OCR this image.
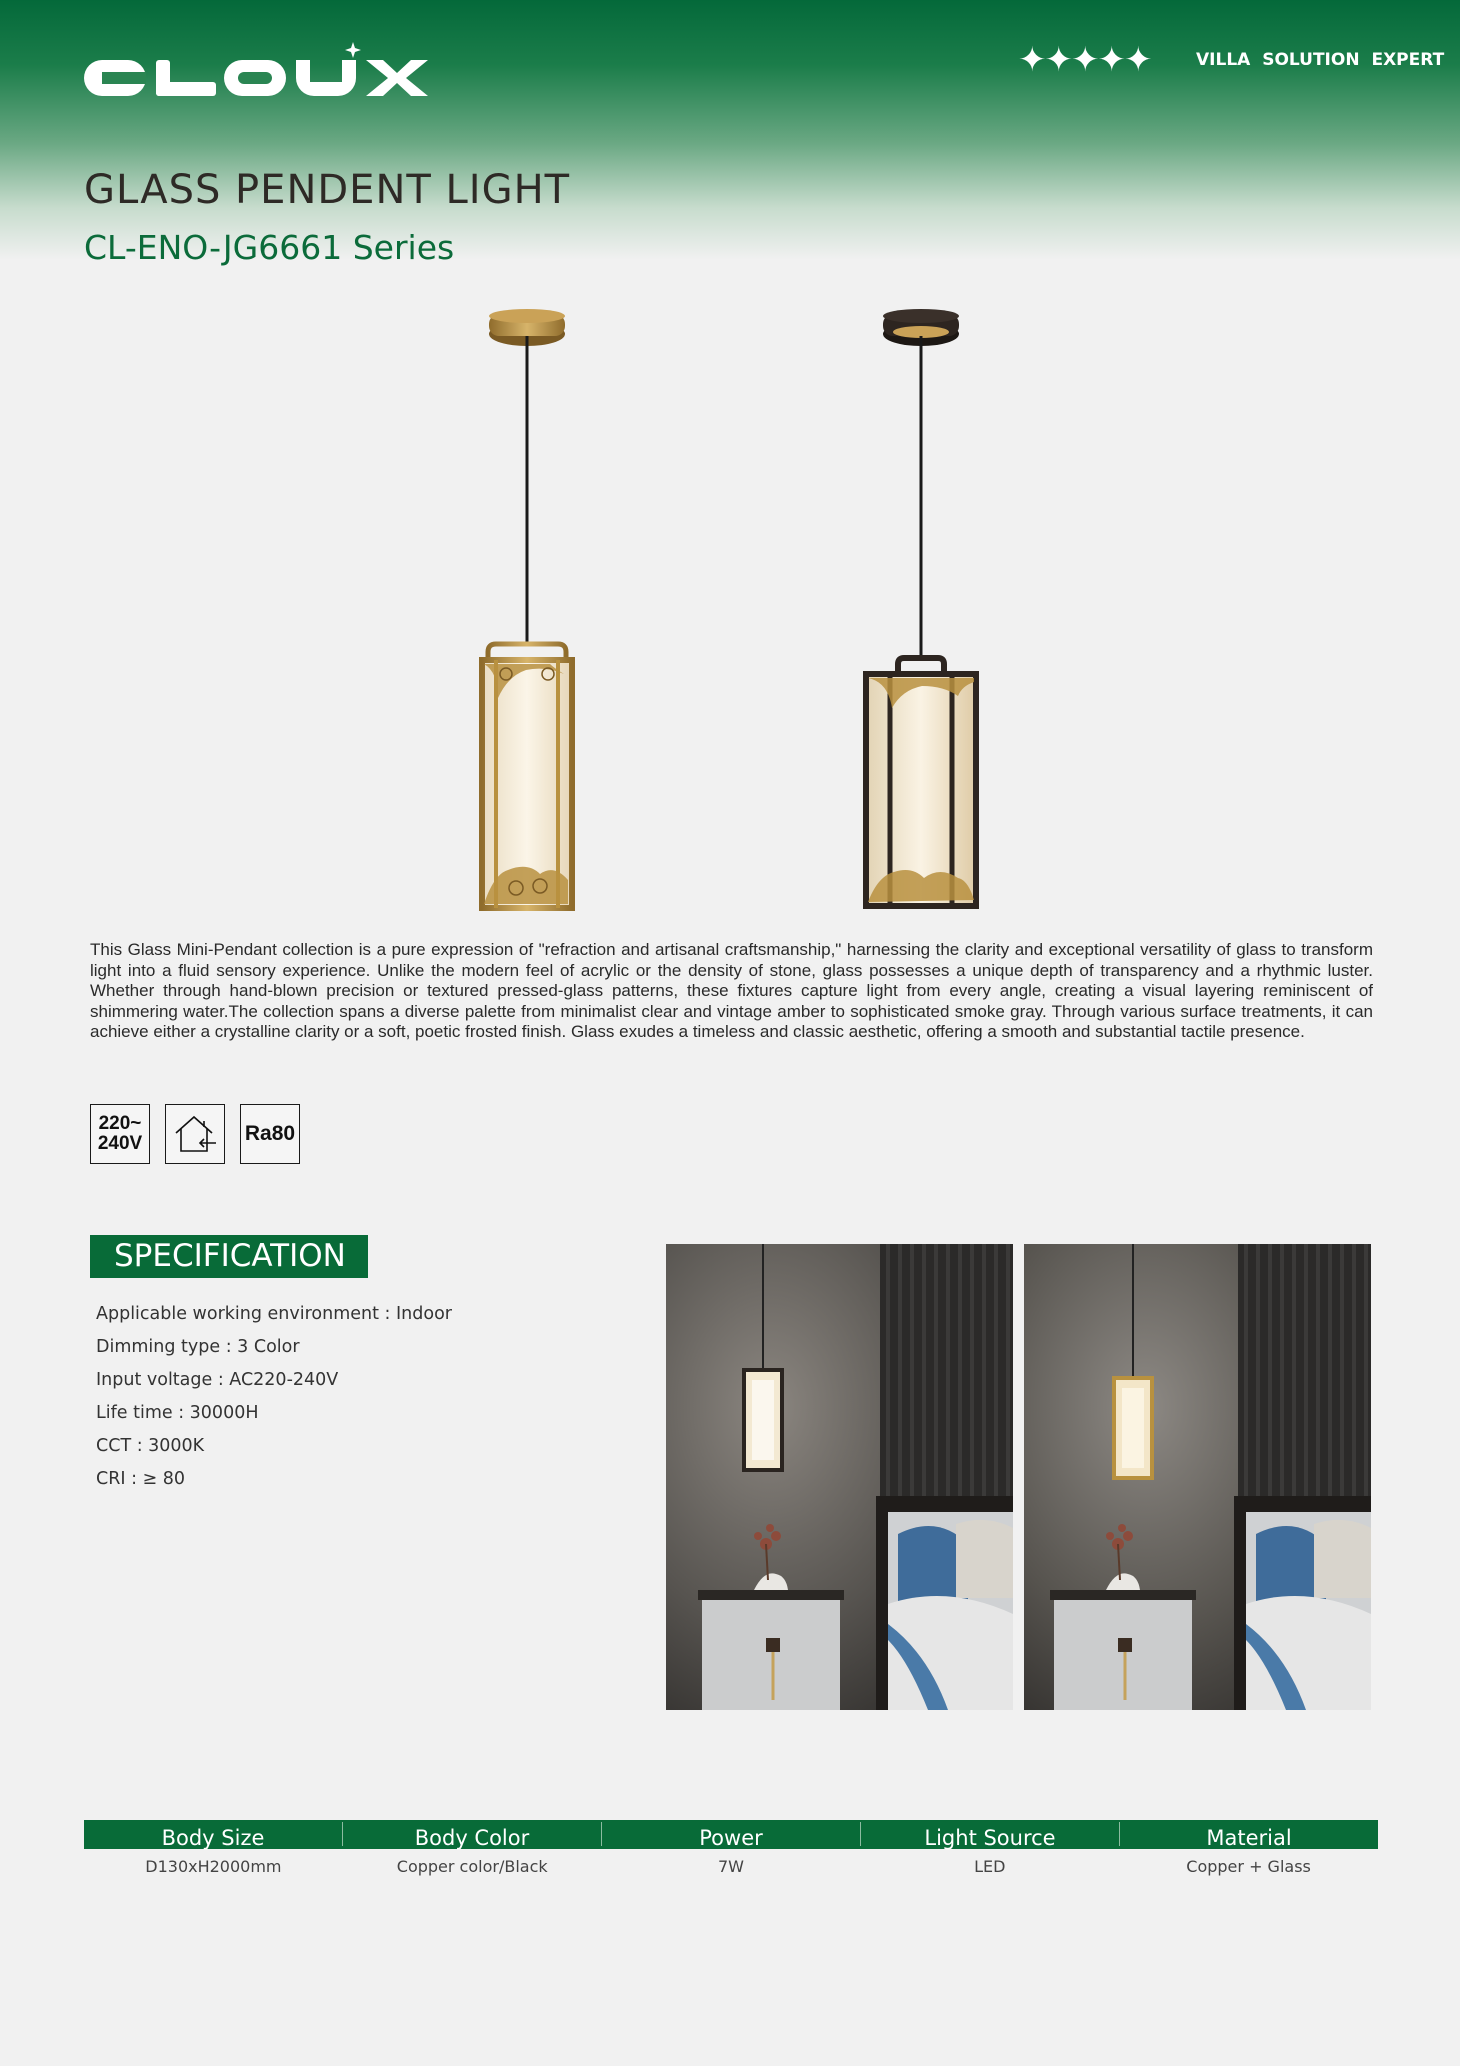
✦✦✦✦✦	VILLA SOLUTION EXPERT
GLASS PENDENT LIGHT
CL-ENO-JG6661 Series
This Glass Mini-Pendant collection is a pure expression of "refraction and artisanal craftsmanship," harnessing the clarity and exceptional versatility of glass to transform light into a fluid sensory experience. Unlike the modern feel of acrylic or the density of stone, glass possesses a unique depth of transparency and a rhythmic luster. Whether through hand-blown precision or textured pressed-glass patterns, these fixtures capture light from every angle, creating a visual layering reminiscent of shimmering water.The collection spans a diverse palette from minimalist clear and vintage amber to sophisticated smoke gray. Through various surface treatments, it can achieve either a crystalline clarity or a soft, poetic frosted finish. Glass exudes a timeless and classic aesthetic, offering a smooth and substantial tactile presence.
220~
240V	Ra80
SPECIFICATION
Applicable working environment : Indoor
Dimming type : 3 Color
Input voltage : AC220-240V
Life time : 30000H
CCT : 3000K
CRI : ≥ 80
Body Size	Body Color	Power	Light Source	Material
D130xH2000mm	Copper color/Black	7W	LED	Copper + Glass
